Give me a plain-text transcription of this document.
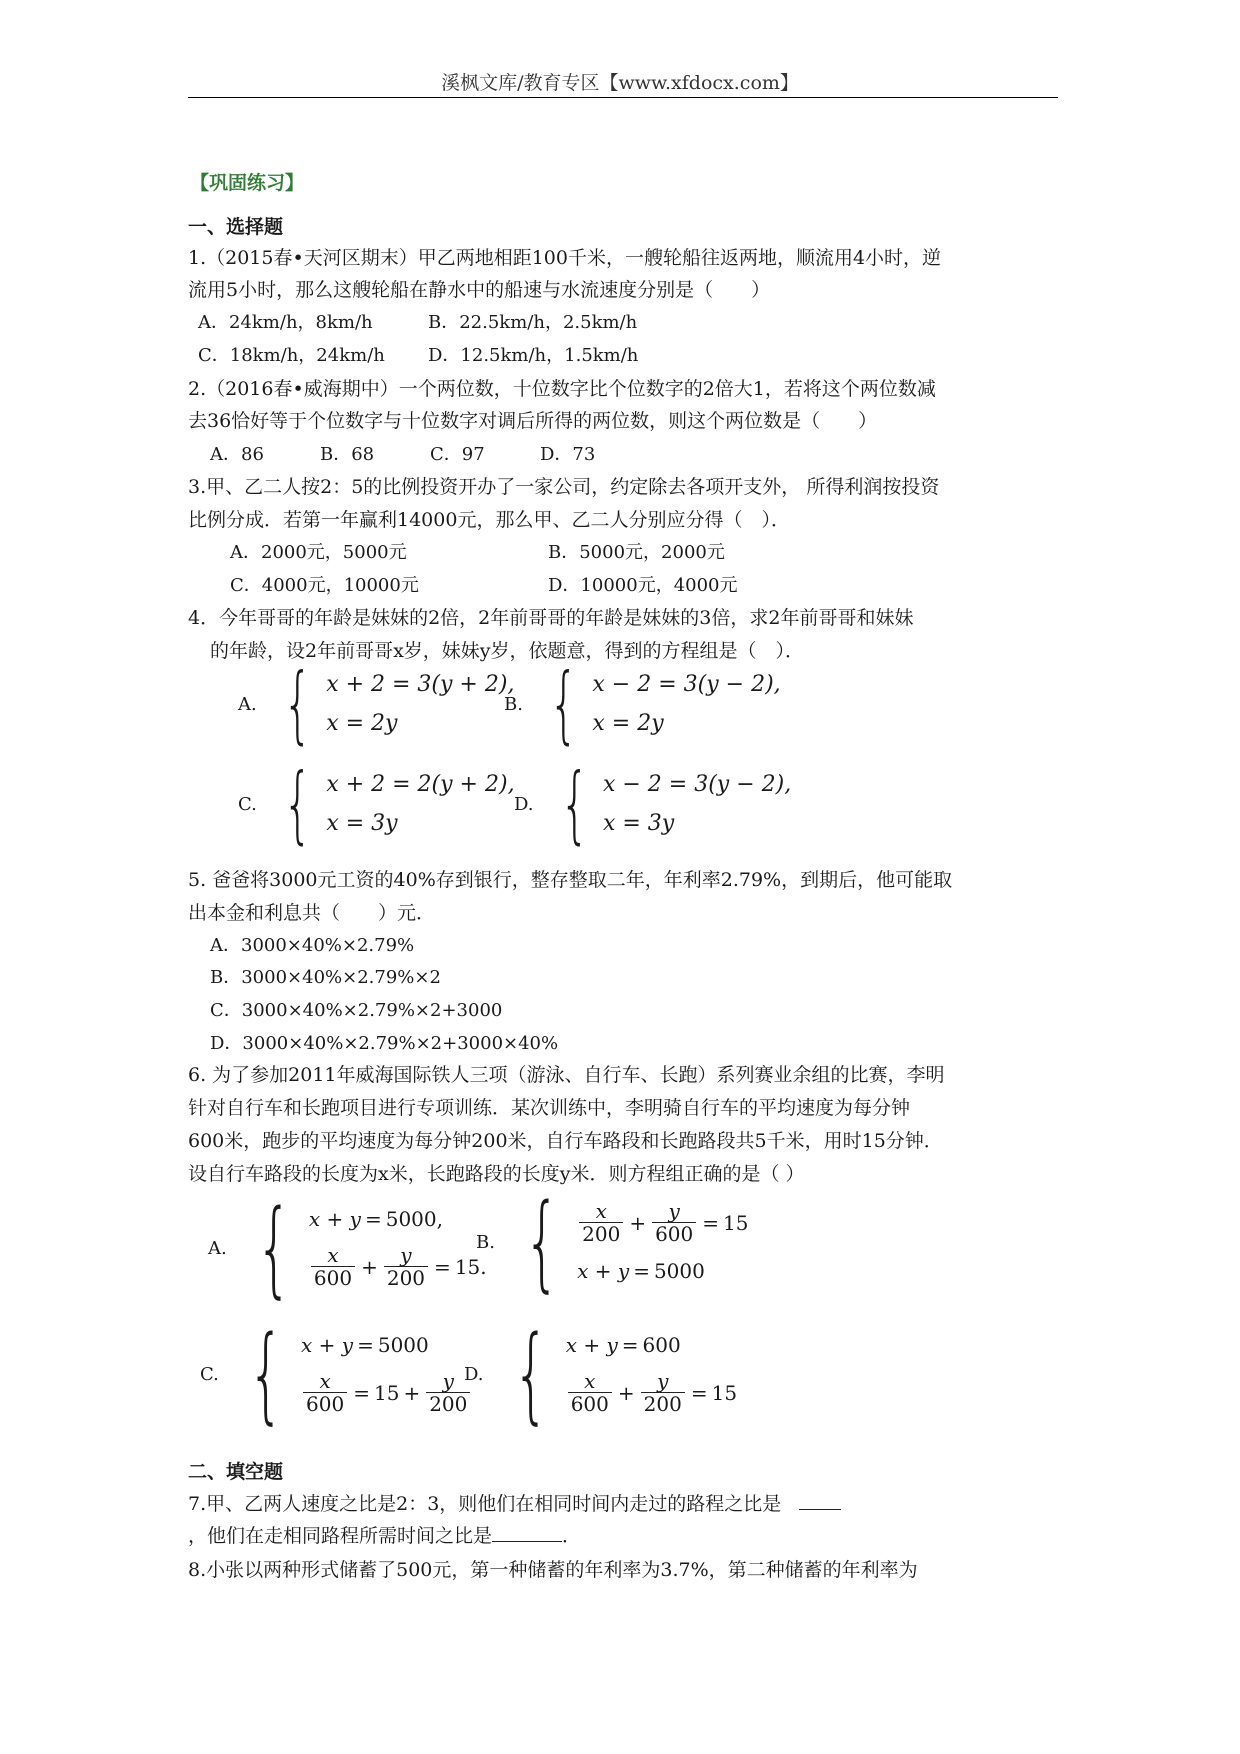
溪枫文库/教育专区【www.xfdocx.com】
【巩固练习】
一、选择题
1.（2015春•天河区期末）甲乙两地相距100千米，一艘轮船往返两地，顺流用4小时，逆
流用5小时，那么这艘轮船在静水中的船速与水流速度分别是（　　）
A．24km/h，8km/h	B．22.5km/h，2.5km/h
C．18km/h，24km/h D．12.5km/h，1.5km/h
2.（2016春•威海期中）一个两位数，十位数字比个位数字的2倍大1，若将这个两位数减
去36恰好等于个位数字与十位数字对调后所得的两位数，则这个两位数是（　　）
A．86	B．68	C．97	D．73
3.甲、乙二人按2：5的比例投资开办了一家公司，约定除去各项开支外， 所得利润按投资
比例分成．若第一年赢利14000元，那么甲、乙二人分别应分得（　）．
A．2000元，5000元	B．5000元，2000元
C．4000元，10000元	D．10000元，4000元
4．今年哥哥的年龄是妹妹的2倍，2年前哥哥的年龄是妹妹的3倍，求2年前哥哥和妹妹
的年龄，设2年前哥哥x岁，妹妹y岁，依题意，得到的方程组是（　）．
A. { x + 2 = 3(y + 2),
x = 2y
B. { x − 2 = 3(y − 2),
x = 2y
C. { x + 2 = 2(y + 2),
x = 3y
D. { x − 2 = 3(y − 2),
x = 3y
5. 爸爸将3000元工资的40%存到银行，整存整取二年，年利率2.79%，到期后，他可能取
出本金和利息共（　　）元．
A．3000×40%×2.79%
B．3000×40%×2.79%×2
C．3000×40%×2.79%×2+3000
D．3000×40%×2.79%×2+3000×40%
6. 为了参加2011年威海国际铁人三项（游泳、自行车、长跑）系列赛业余组的比赛，李明
针对自行车和长跑项目进行专项训练．某次训练中，李明骑自行车的平均速度为每分钟
600米，跑步的平均速度为每分钟200米，自行车路段和长跑路段共5千米，用时15分钟．
设自行车路段的长度为x米，长跑路段的长度y米．则方程组正确的是（ ）
A. { x + y = 5000,
$\frac{x}{600} + \frac{y}{200} = 15$.
B. { $\frac{x}{200} + \frac{y}{600} = 15$
x + y = 5000
C. { x + y = 5000
$\frac{x}{600} = 15 + \frac{y}{200}$
D. { x + y = 600
$\frac{x}{600} + \frac{y}{200} = 15$
二、填空题
7.甲、乙两人速度之比是2：3，则他们在相同时间内走过的路程之比是
，他们在走相同路程所需时间之比是	．
8.小张以两种形式储蓄了500元，第一种储蓄的年利率为3.7%，第二种储蓄的年利率为
